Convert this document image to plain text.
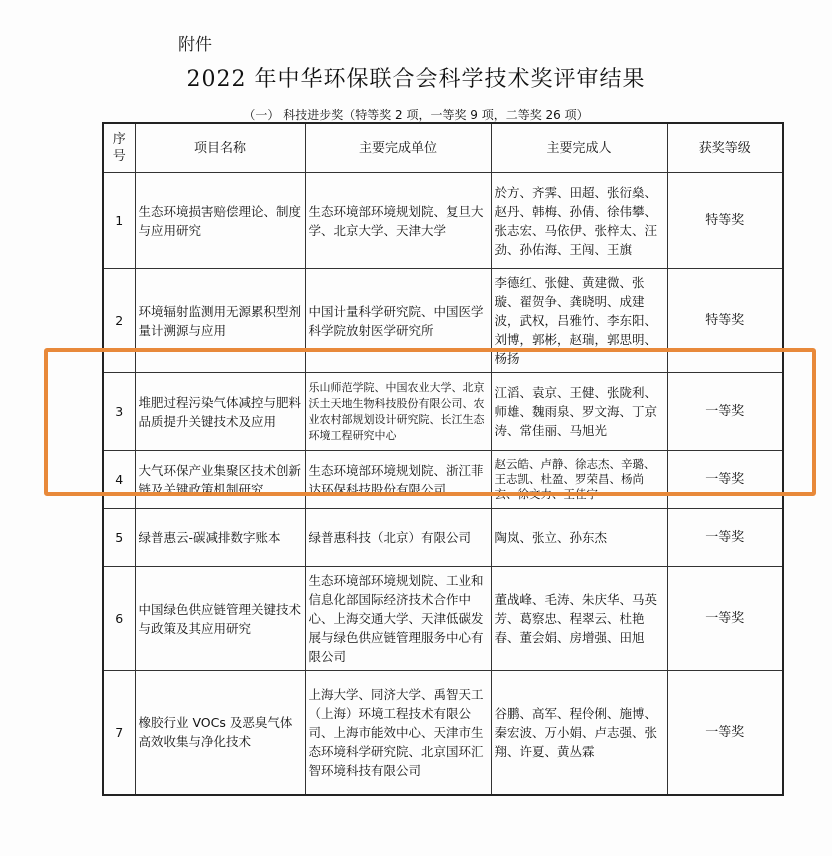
附件
2022 年中华环保联合会科学技术奖评审结果
（一） 科技进步奖（特等奖 2 项，一等奖 9 项，二等奖 26 项）
序号	项目名称	主要完成单位	主要完成人	获奖等级
1	生态环境损害赔偿理论、制度与应用研究	生态环境部环境规划院、复旦大学、北京大学、天津大学	於方、齐霁、田超、张衍燊、赵丹、韩梅、孙倩、徐伟攀、张志宏、马依伊、张梓太、汪劲、孙佑海、王闯、王旗	特等奖
2	环境辐射监测用无源累积型剂量计溯源与应用	中国计量科学研究院、中国医学科学院放射医学研究所	李德红、张健、黄建微、张璇、翟贺争、龚晓明、成建波，武权，吕雅竹、李东阳、刘博，郭彬，赵瑞，郭思明、杨扬	特等奖
3	堆肥过程污染气体减控与肥料 品质提升关键技术及应用	乐山师范学院、中国农业大学、北京沃土天地生物科技股份有限公司、农业农村部规划设计研究院、长江生态环境工程研究中心	江滔、袁京、王健、张陇利、师雄、魏雨泉、罗文海、丁京涛、常佳丽、马旭光	一等奖
4	大气环保产业集聚区技术创新链及关键政策机制研究	生态环境部环境规划院、浙江菲达环保科技股份有限公司	赵云皓、卢静、徐志杰、辛璐、王志凯、杜盈、罗荣昌、杨尚玄、徐文力、王佳宁	一等奖
5	绿普惠云-碳减排数字账本	绿普惠科技（北京）有限公司	陶岚、张立、孙东杰	一等奖
6	中国绿色供应链管理关键技术与政策及其应用研究	生态环境部环境规划院、工业和信息化部国际经济技术合作中心、上海交通大学、天津低碳发展与绿色供应链管理服务中心有限公司	董战峰、毛涛、朱庆华、马英芳、葛察忠、程翠云、杜艳春、董会娟、房增强、田旭	一等奖
7	橡胶行业 VOCs 及恶臭气体高效收集与净化技术	上海大学、同济大学、禹智天工（上海）环境工程技术有限公司、上海市能效中心、天津市生态环境科学研究院、北京国环汇智环境科技有限公司	谷鹏、高军、程伶俐、施博、秦宏波、万小娟、卢志强、张翔、许夏、黄丛霖	一等奖
